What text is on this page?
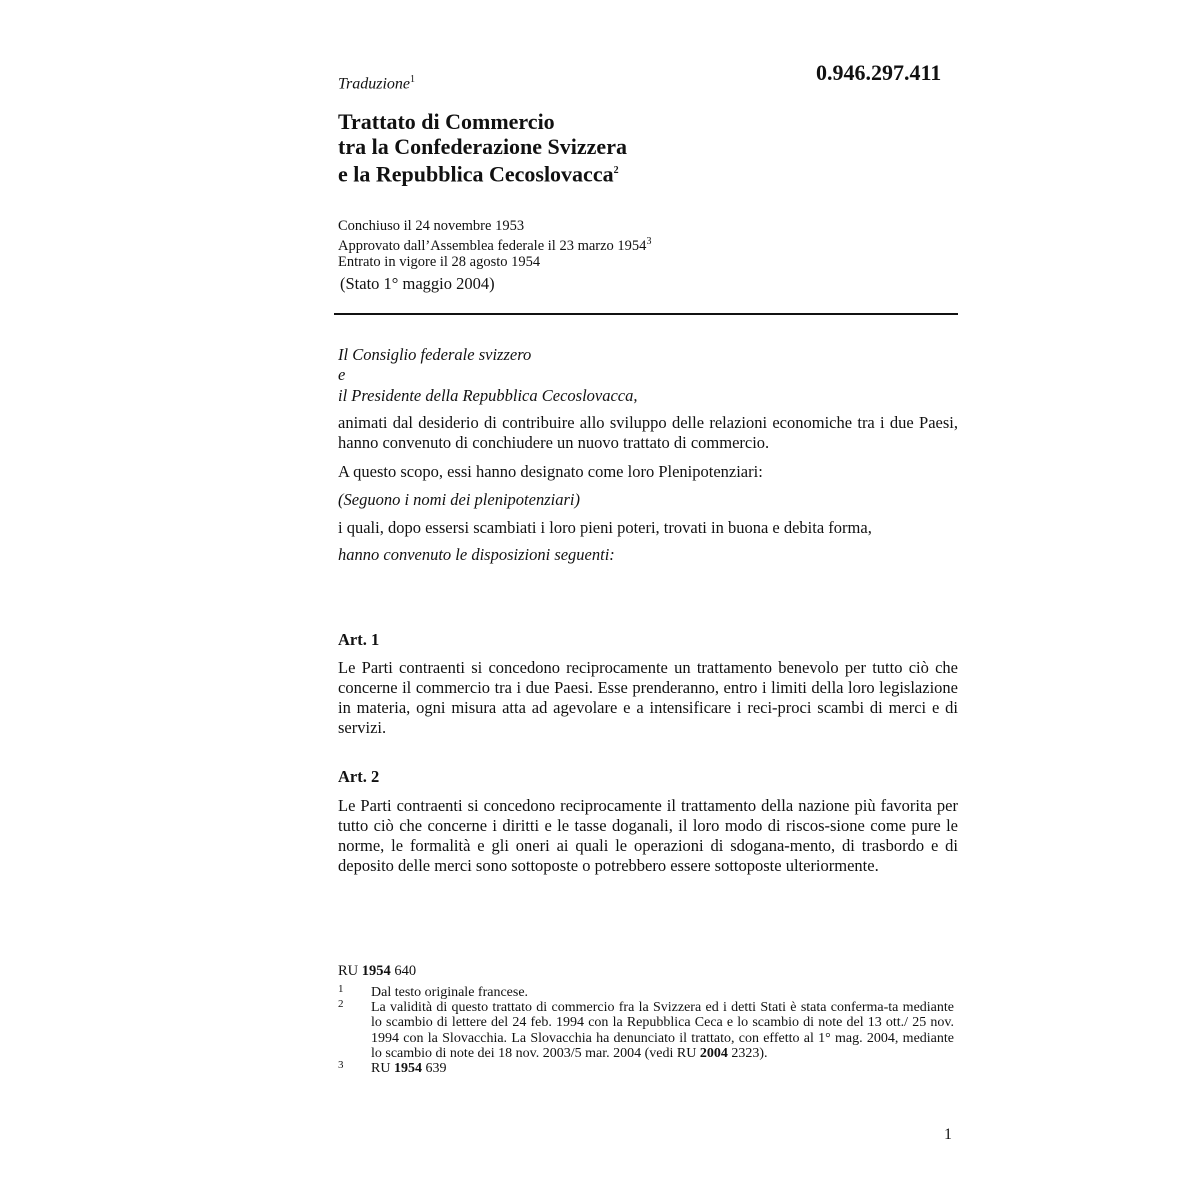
0.946.297.411
Traduzione$^1$
Trattato di Commercio
tra la Confederazione Svizzera
e la Repubblica Cecoslovacca$^2$
Conchiuso il 24 novembre 1953
Approvato dall’Assemblea federale il 23 marzo 1954$^3$
Entrato in vigore il 28 agosto 1954
(Stato 1° maggio 2004)
Il Consiglio federale svizzero
e
il Presidente della Repubblica Cecoslovacca,
animati dal desiderio di contribuire allo sviluppo delle relazioni economiche tra i due Paesi, hanno convenuto di conchiudere un nuovo trattato di commercio.
A questo scopo, essi hanno designato come loro Plenipotenziari:
(Seguono i nomi dei plenipotenziari)
i quali, dopo essersi scambiati i loro pieni poteri, trovati in buona e debita forma,
hanno convenuto le disposizioni seguenti:
Art. 1
Le Parti contraenti si concedono reciprocamente un trattamento benevolo per tutto ciò che concerne il commercio tra i due Paesi. Esse prenderanno, entro i limiti della loro legislazione in materia, ogni misura atta ad agevolare e a intensificare i reci-proci scambi di merci e di servizi.
Art. 2
Le Parti contraenti si concedono reciprocamente il trattamento della nazione più favorita per tutto ciò che concerne i diritti e le tasse doganali, il loro modo di riscos-sione come pure le norme, le formalità e gli oneri ai quali le operazioni di sdogana-mento, di trasbordo e di deposito delle merci sono sottoposte o potrebbero essere sottoposte ulteriormente.
RU 1954 640
1 Dal testo originale francese.
2 La validità di questo trattato di commercio fra la Svizzera ed i detti Stati è stata conferma-ta mediante lo scambio di lettere del 24 feb. 1994 con la Repubblica Ceca e lo scambio di note del 13 ott./ 25 nov. 1994 con la Slovacchia. La Slovacchia ha denunciato il trattato, con effetto al 1° mag. 2004, mediante lo scambio di note dei 18 nov. 2003/5 mar. 2004 (vedi RU 2004 2323).
3 RU 1954 639
1
